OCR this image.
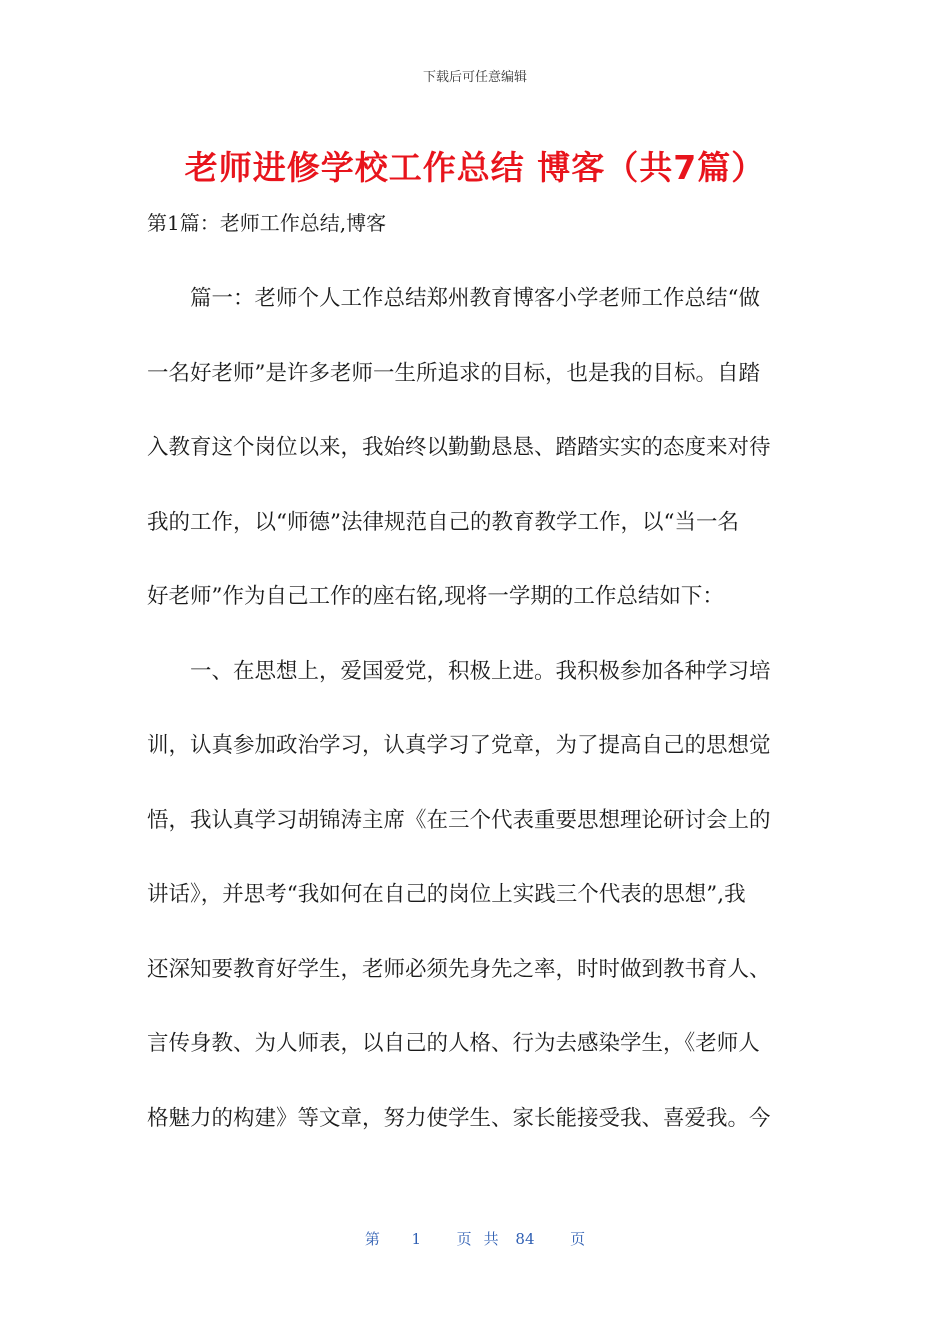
下载后可任意编辑
老师进修学校工作总结 博客（共7篇）
第1篇：老师工作总结,博客
篇一：老师个人工作总结郑州教育博客小学老师工作总结“做
一名好老师”是许多老师一生所追求的目标，也是我的目标。自踏
入教育这个岗位以来，我始终以勤勤恳恳、踏踏实实的态度来对待
我的工作，以“师德”法律规范自己的教育教学工作，以“当一名
好老师”作为自己工作的座右铭,现将一学期的工作总结如下：
一、在思想上，爱国爱党，积极上进。我积极参加各种学习培
训，认真参加政治学习，认真学习了党章，为了提高自己的思想觉
悟，我认真学习胡锦涛主席《在三个代表重要思想理论研讨会上的
讲话》，并思考“我如何在自己的岗位上实践三个代表的思想”,我
还深知要教育好学生，老师必须先身先之率，时时做到教书育人、
言传身教、为人师表，以自己的人格、行为去感染学生，《老师人
格魅力的构建》等文章，努力使学生、家长能接受我、喜爱我。今
第 1 页共 84 页
